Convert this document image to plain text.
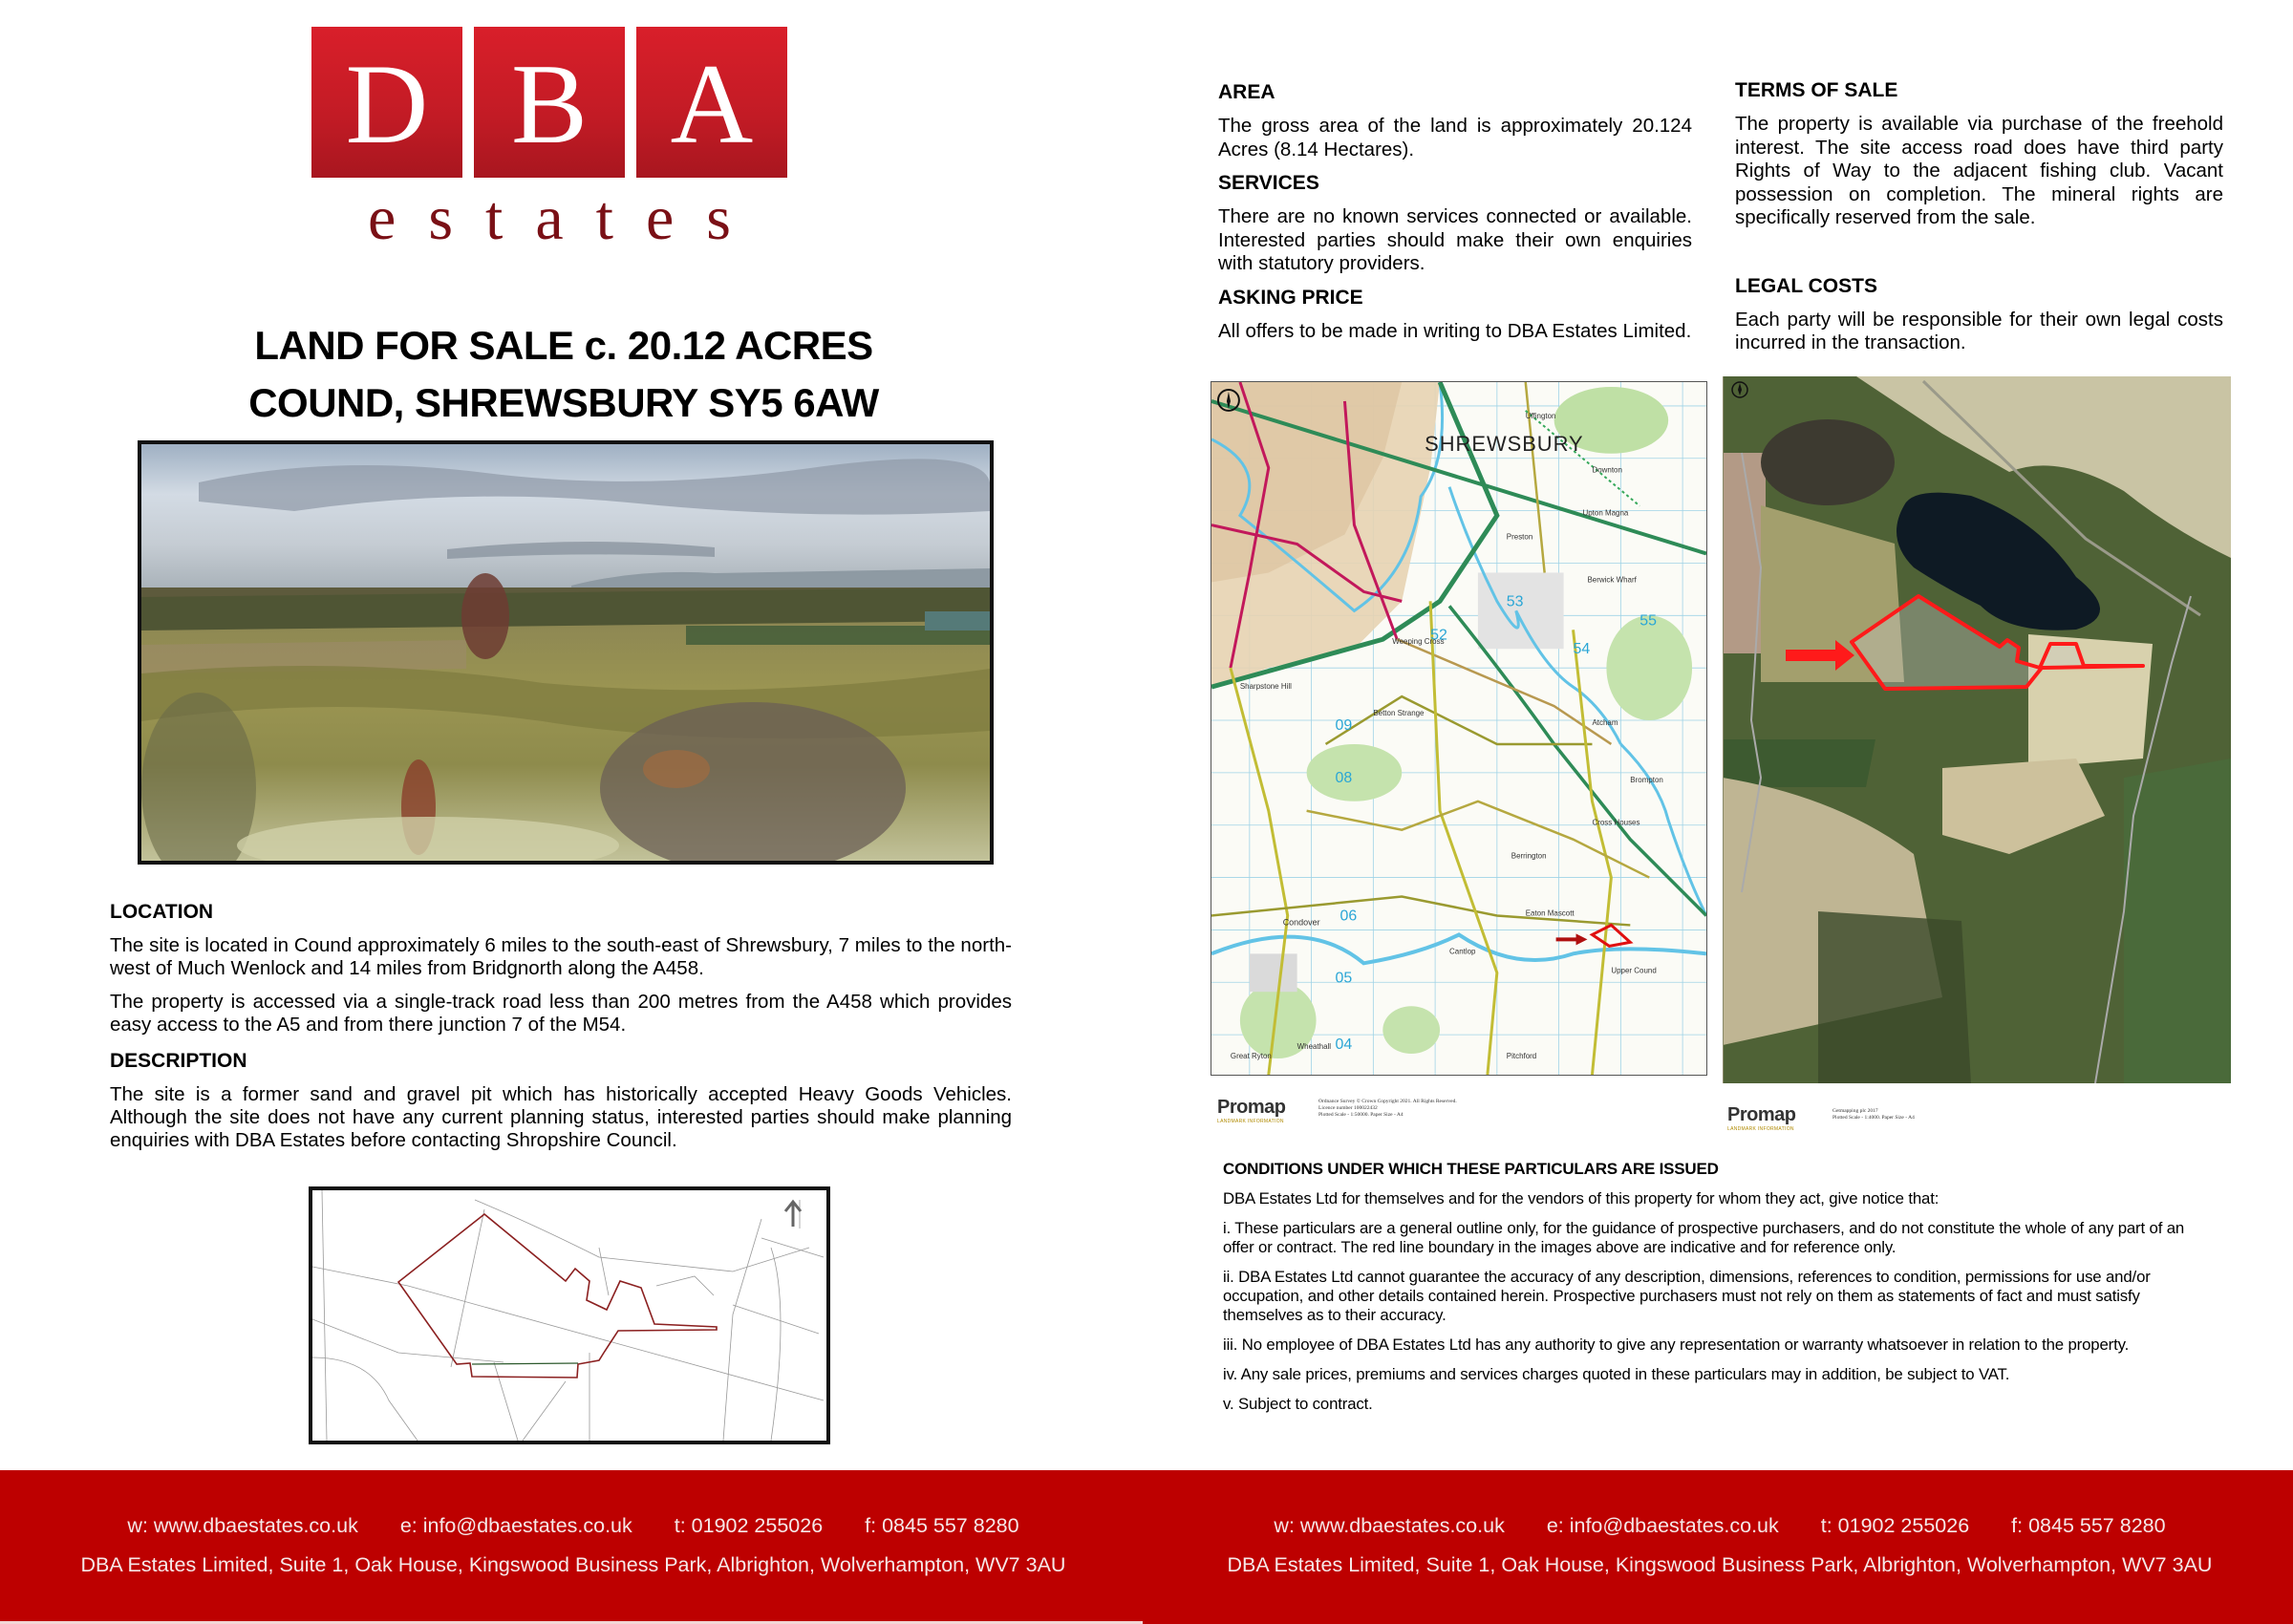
D B A
estates
LAND FOR SALE c. 20.12 ACRES
COUND, SHREWSBURY SY5 6AW
LOCATION

The site is located in Cound approximately 6 miles to the south-east of Shrewsbury, 7 miles to the north-west of Much Wenlock and 14 miles from Bridgnorth along the A458.

The property is accessed via a single-track road less than 200 metres from the A458 which provides easy access to the A5 and from there junction 7 of the M54.

DESCRIPTION

The site is a former sand and gravel pit which has historically accepted Heavy Goods Vehicles. Although the site does not have any current planning status, interested parties should make planning enquiries with DBA Estates before contacting Shropshire Council.

AREA

The gross area of the land is approximately 20.124 Acres (8.14 Hectares).

SERVICES

There are no known services connected or available. Interested parties should make their own enquiries with statutory providers.

ASKING PRICE

All offers to be made in writing to DBA Estates Limited.

TERMS OF SALE

The property is available via purchase of the freehold interest. The site access road does have third party Rights of Way to the adjacent fishing club. Vacant possession on completion. The mineral rights are specifically reserved from the sale.

LEGAL COSTS

Each party will be responsible for their own legal costs incurred in the transaction.

SHREWSBURY
Uffington
Downton
Upton Magna
Preston
Berwick Wharf
Atcham
Weeping Cross
Sharpstone Hill
Betton Strange
Cross Houses
Brompton
Berrington
Eaton Mascott
Cantlop
Condover
Upper Cound
Pitchford
Wheathall
Great Ryton
52
53
54
55
08
06
05
04
09
Promap
LANDMARK INFORMATION
Ordnance Survey © Crown Copyright 2021. All Rights Reserved.
Licence number 100022432
Plotted Scale - 1:50000. Paper Size - A4	Promap
LANDMARK INFORMATION
Getmapping plc 2017
Plotted Scale - 1:4000. Paper Size - A4
CONDITIONS UNDER WHICH THESE PARTICULARS ARE ISSUED

DBA Estates Ltd for themselves and for the vendors of this property for whom they act, give notice that:

i. These particulars are a general outline only, for the guidance of prospective purchasers, and do not constitute the whole of any part of an offer or contract. The red line boundary in the images above are indicative and for reference only.

ii. DBA Estates Ltd cannot guarantee the accuracy of any description, dimensions, references to condition, permissions for use and/or occupation, and other details contained herein. Prospective purchasers must not rely on them as statements of fact and must satisfy themselves as to their accuracy.

iii. No employee of DBA Estates Ltd has any authority to give any representation or warranty whatsoever in relation to the property.

iv. Any sale prices, premiums and services charges quoted in these particulars may in addition, be subject to VAT.

v. Subject to contract.

w: www.dbaestates.co.uk e: info@dbaestates.co.uk t: 01902 255026 f: 0845 557 8280
DBA Estates Limited, Suite 1, Oak House, Kingswood Business Park, Albrighton, Wolverhampton, WV7 3AU
w: www.dbaestates.co.uk e: info@dbaestates.co.uk t: 01902 255026 f: 0845 557 8280
DBA Estates Limited, Suite 1, Oak House, Kingswood Business Park, Albrighton, Wolverhampton, WV7 3AU
